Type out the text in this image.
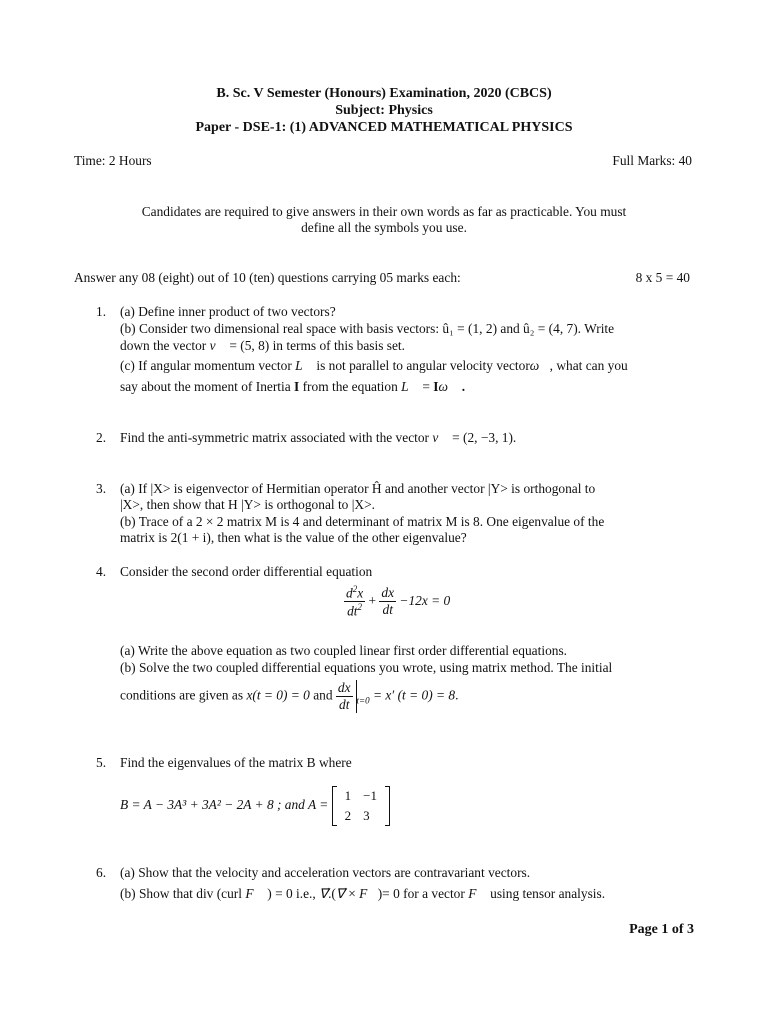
B. Sc. V Semester (Honours) Examination, 2020 (CBCS)
Subject: Physics
Paper - DSE-1: (1) ADVANCED MATHEMATICAL PHYSICS
Time: 2 Hours	Full Marks: 40
Candidates are required to give answers in their own words as far as practicable. You must
define all the symbols you use.
Answer any 08 (eight) out of 10 (ten) questions carrying 05 marks each:	8 x 5 = 40
1. (a) Define inner product of two vectors?
(b) Consider two dimensional real space with basis vectors: û₁ = (1, 2) and û₂ = (4, 7). Write
down the vector v⃗ = (5, 8) in terms of this basis set.
(c) If angular momentum vector L⃗ is not parallel to angular velocity vectorω⃗, what can you
say about the moment of Inertia I from the equation L⃗ = Iω⃗ .
2. Find the anti-symmetric matrix associated with the vector v⃗ = (2, −3, 1).
3. (a) If |X> is eigenvector of Hermitian operator Ĥ and another vector |Y> is orthogonal to
|X>, then show that H |Y> is orthogonal to |X>.
(b) Trace of a 2 × 2 matrix M is 4 and determinant of matrix M is 8. One eigenvalue of the
matrix is 2(1 + i), then what is the value of the other eigenvalue?
4. Consider the second order differential equation
$\frac{d^2x}{dt^2} + \frac{dx}{dt} -12x = 0$
(a) Write the above equation as two coupled linear first order differential equations.
(b) Solve the two coupled differential equations you wrote, using matrix method. The initial
conditions are given as x(t = 0) = 0 and $\frac{dx}{dt} _{t=0} = x'$ (t = 0) = 8.
5. Find the eigenvalues of the matrix B where
B = A − 3A³ + 3A² − 2A + 8 ; and A =
1	−1
2	3
6. (a) Show that the velocity and acceleration vectors are contravariant vectors.
(b) Show that div (curl F⃗ ) = 0 i.e., ∇⃗.(∇⃗ × F⃗)= 0 for a vector F⃗ using tensor analysis.
Page 1 of 3
